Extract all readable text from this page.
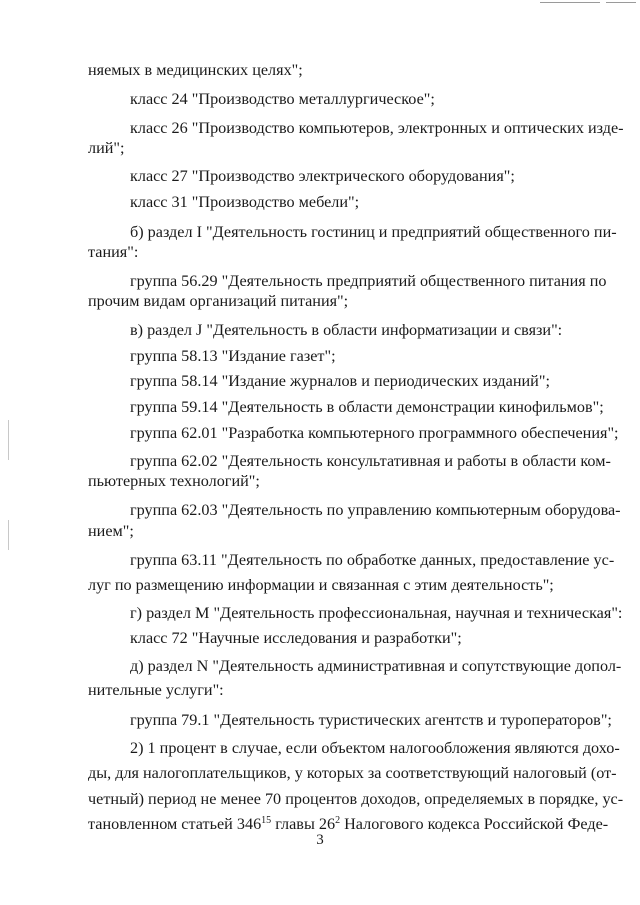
няемых в медицинских целях";
класс 24 "Производство металлургическое";
класс 26 "Производство компьютеров, электронных и оптических изде-
лий";
класс 27 "Производство электрического оборудования";
класс 31 "Производство мебели";
б) раздел I "Деятельность гостиниц и предприятий общественного пи-
тания":
группа 56.29 "Деятельность предприятий общественного питания по
прочим видам организаций питания";
в) раздел J "Деятельность в области информатизации и связи":
группа 58.13 "Издание газет";
группа 58.14 "Издание журналов и периодических изданий";
группа 59.14 "Деятельность в области демонстрации кинофильмов";
группа 62.01 "Разработка компьютерного программного обеспечения";
группа 62.02 "Деятельность консультативная и работы в области ком-
пьютерных технологий";
группа 62.03 "Деятельность по управлению компьютерным оборудова-
нием";
группа 63.11 "Деятельность по обработке данных, предоставление ус-
луг по размещению информации и связанная с этим деятельность";
г) раздел M "Деятельность профессиональная, научная и техническая":
класс 72 "Научные исследования и разработки";
д) раздел N "Деятельность административная и сопутствующие допол-
нительные услуги":
группа 79.1 "Деятельность туристических агентств и туроператоров";
2) 1 процент в случае, если объектом налогообложения являются дохо-
ды, для налогоплательщиков, у которых за соответствующий налоговый (от-
четный) период не менее 70 процентов доходов, определяемых в порядке, ус-
тановленном статьей $346^{15}$ главы $26^2$ Налогового кодекса Российской Феде-
3
